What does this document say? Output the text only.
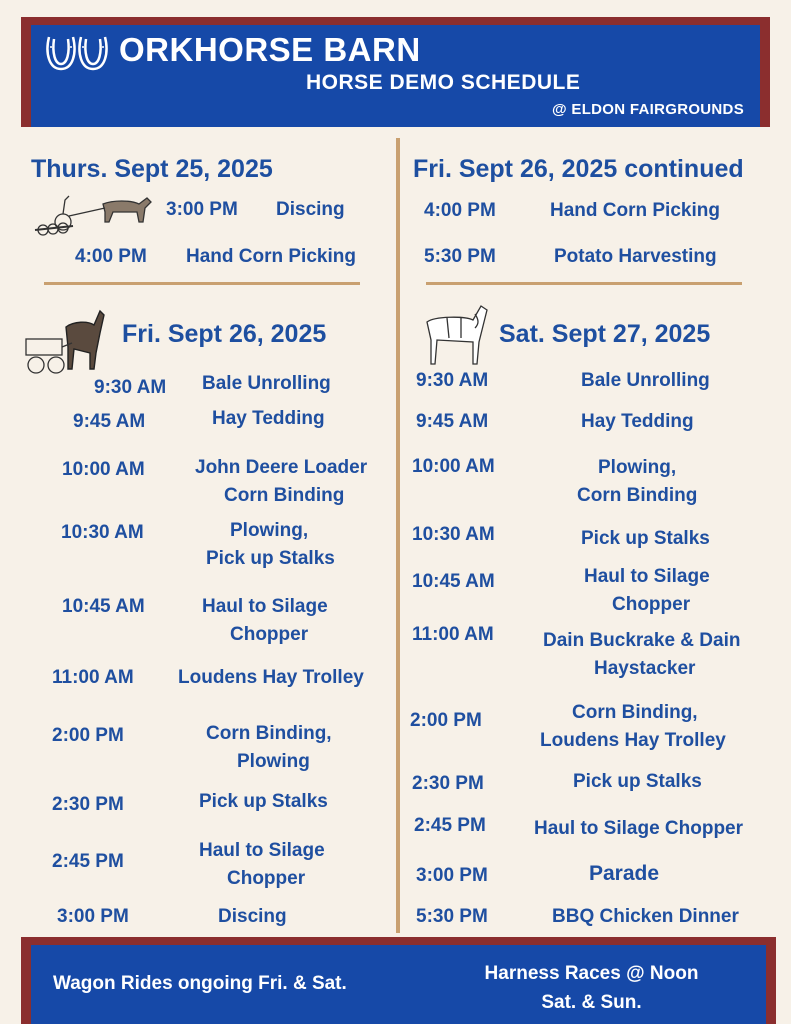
ORKHORSE BARN
HORSE DEMO SCHEDULE
@ ELDON FAIRGROUNDS
Thurs. Sept 25, 2025
3:00 PM Discing
4:00 PM Hand Corn Picking
Fri. Sept 26, 2025
9:30 AM Bale Unrolling
9:45 AM	Hay Tedding
10:00 AM	John Deere Loader
Corn Binding
10:30 AM	Plowing,
Pick up Stalks
10:45 AM	Haul to Silage
Chopper
11:00 AM Loudens Hay Trolley
2:00 PM	Corn Binding,
Plowing
2:30 PM	Pick up Stalks
2:45 PM
Haul to Silage
Chopper
3:00 PM	Discing
Fri. Sept 26, 2025 continued
4:00 PM	Hand Corn Picking
5:30 PM	Potato Harvesting
Sat. Sept 27, 2025
9:30 AM	Bale Unrolling
9:45 AM	Hay Tedding
10:00 AM	Plowing,
Corn Binding
10:30 AM	Pick up Stalks
10:45 AM	Haul to Silage
Chopper
11:00 AM	Dain Buckrake & Dain
Haystacker
2:00 PM	Corn Binding,
Loudens Hay Trolley
2:30 PM	Pick up Stalks
2:45 PM	Haul to Silage Chopper
3:00 PM	Parade
5:30 PM	BBQ Chicken Dinner
Wagon Rides ongoing Fri. & Sat.	Harness Races @ Noon
Sat. & Sun.
